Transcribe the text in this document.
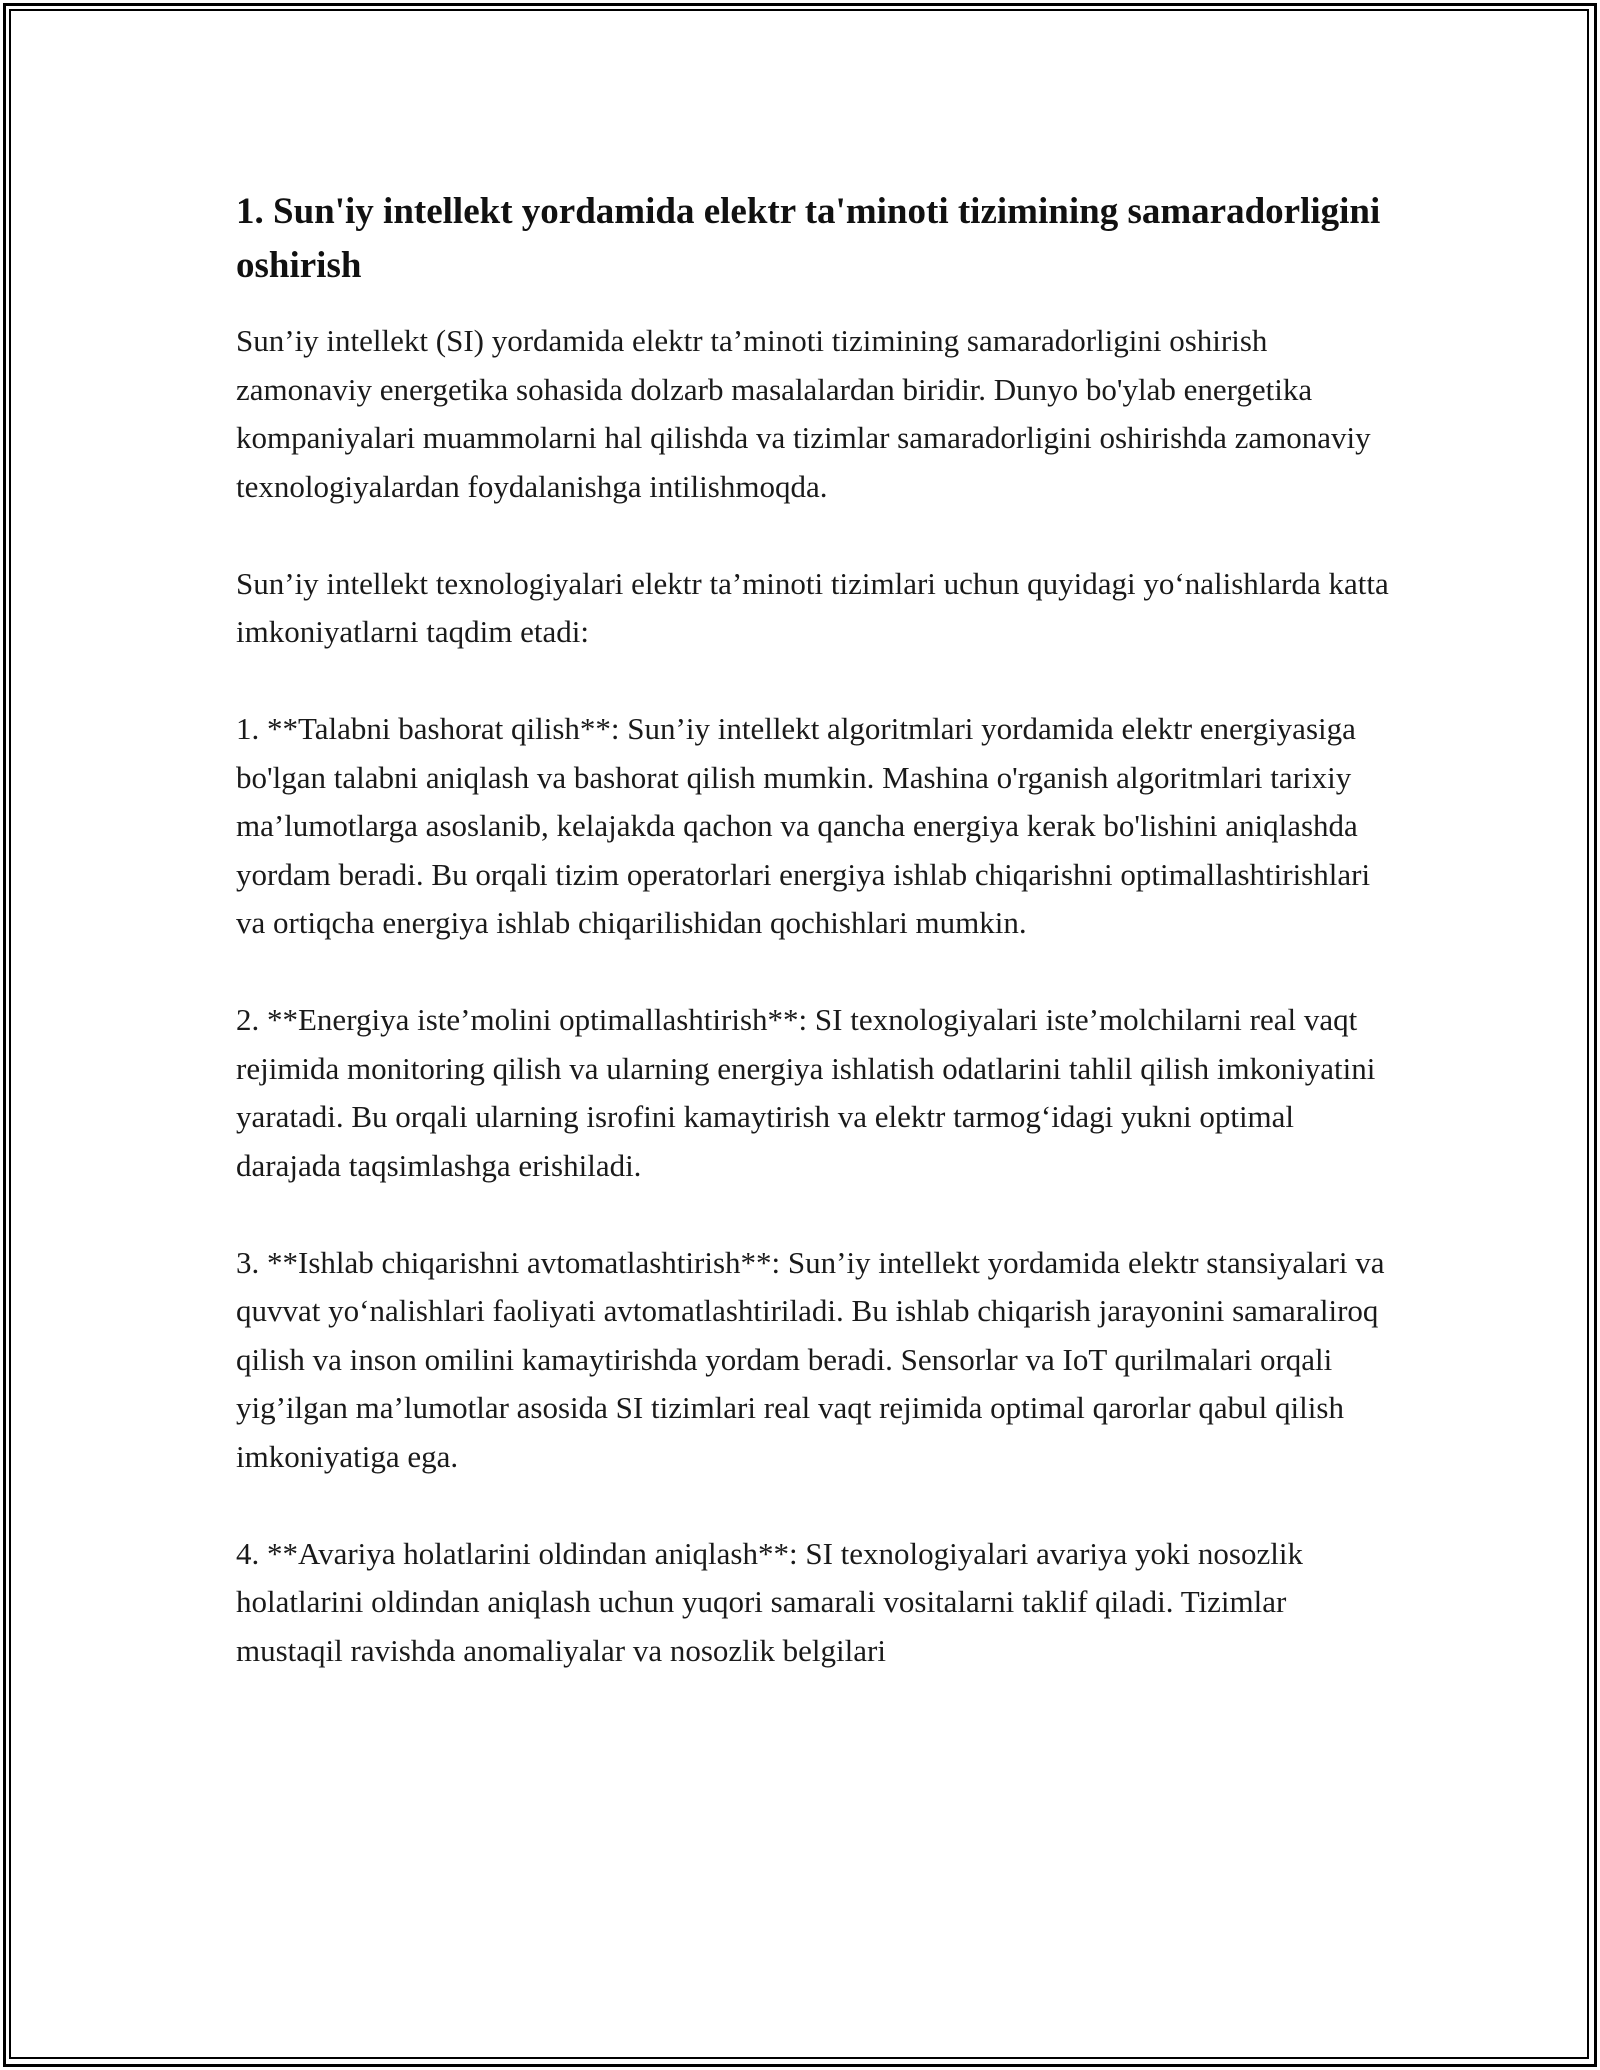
1. Sun'iy intellekt yordamida elektr ta'minoti tizimining samaradorligini oshirish

Sun’iy intellekt (SI) yordamida elektr ta’minoti tizimining samaradorligini oshirish zamonaviy energetika sohasida dolzarb masalalardan biridir. Dunyo bo'ylab energetika kompaniyalari muammolarni hal qilishda va tizimlar samaradorligini oshirishda zamonaviy texnologiyalardan foydalanishga intilishmoqda.

Sun’iy intellekt texnologiyalari elektr ta’minoti tizimlari uchun quyidagi yo‘nalishlarda katta imkoniyatlarni taqdim etadi:

1. **Talabni bashorat qilish**: Sun’iy intellekt algoritmlari yordamida elektr energiyasiga bo'lgan talabni aniqlash va bashorat qilish mumkin. Mashina o'rganish algoritmlari tarixiy ma’lumotlarga asoslanib, kelajakda qachon va qancha energiya kerak bo'lishini aniqlashda yordam beradi. Bu orqali tizim operatorlari energiya ishlab chiqarishni optimallashtirishlari va ortiqcha energiya ishlab chiqarilishidan qochishlari mumkin.

2. **Energiya iste’molini optimallashtirish**: SI texnologiyalari iste’molchilarni real vaqt rejimida monitoring qilish va ularning energiya ishlatish odatlarini tahlil qilish imkoniyatini yaratadi. Bu orqali ularning isrofini kamaytirish va elektr tarmog‘idagi yukni optimal darajada taqsimlashga erishiladi.

3. **Ishlab chiqarishni avtomatlashtirish**: Sun’iy intellekt yordamida elektr stansiyalari va quvvat yo‘nalishlari faoliyati avtomatlashtiriladi. Bu ishlab chiqarish jarayonini samaraliroq qilish va inson omilini kamaytirishda yordam beradi. Sensorlar va IoT qurilmalari orqali yig’ilgan ma’lumotlar asosida SI tizimlari real vaqt rejimida optimal qarorlar qabul qilish imkoniyatiga ega.

4. **Avariya holatlarini oldindan aniqlash**: SI texnologiyalari avariya yoki nosozlik holatlarini oldindan aniqlash uchun yuqori samarali vositalarni taklif qiladi. Tizimlar mustaqil ravishda anomaliyalar va nosozlik belgilari
